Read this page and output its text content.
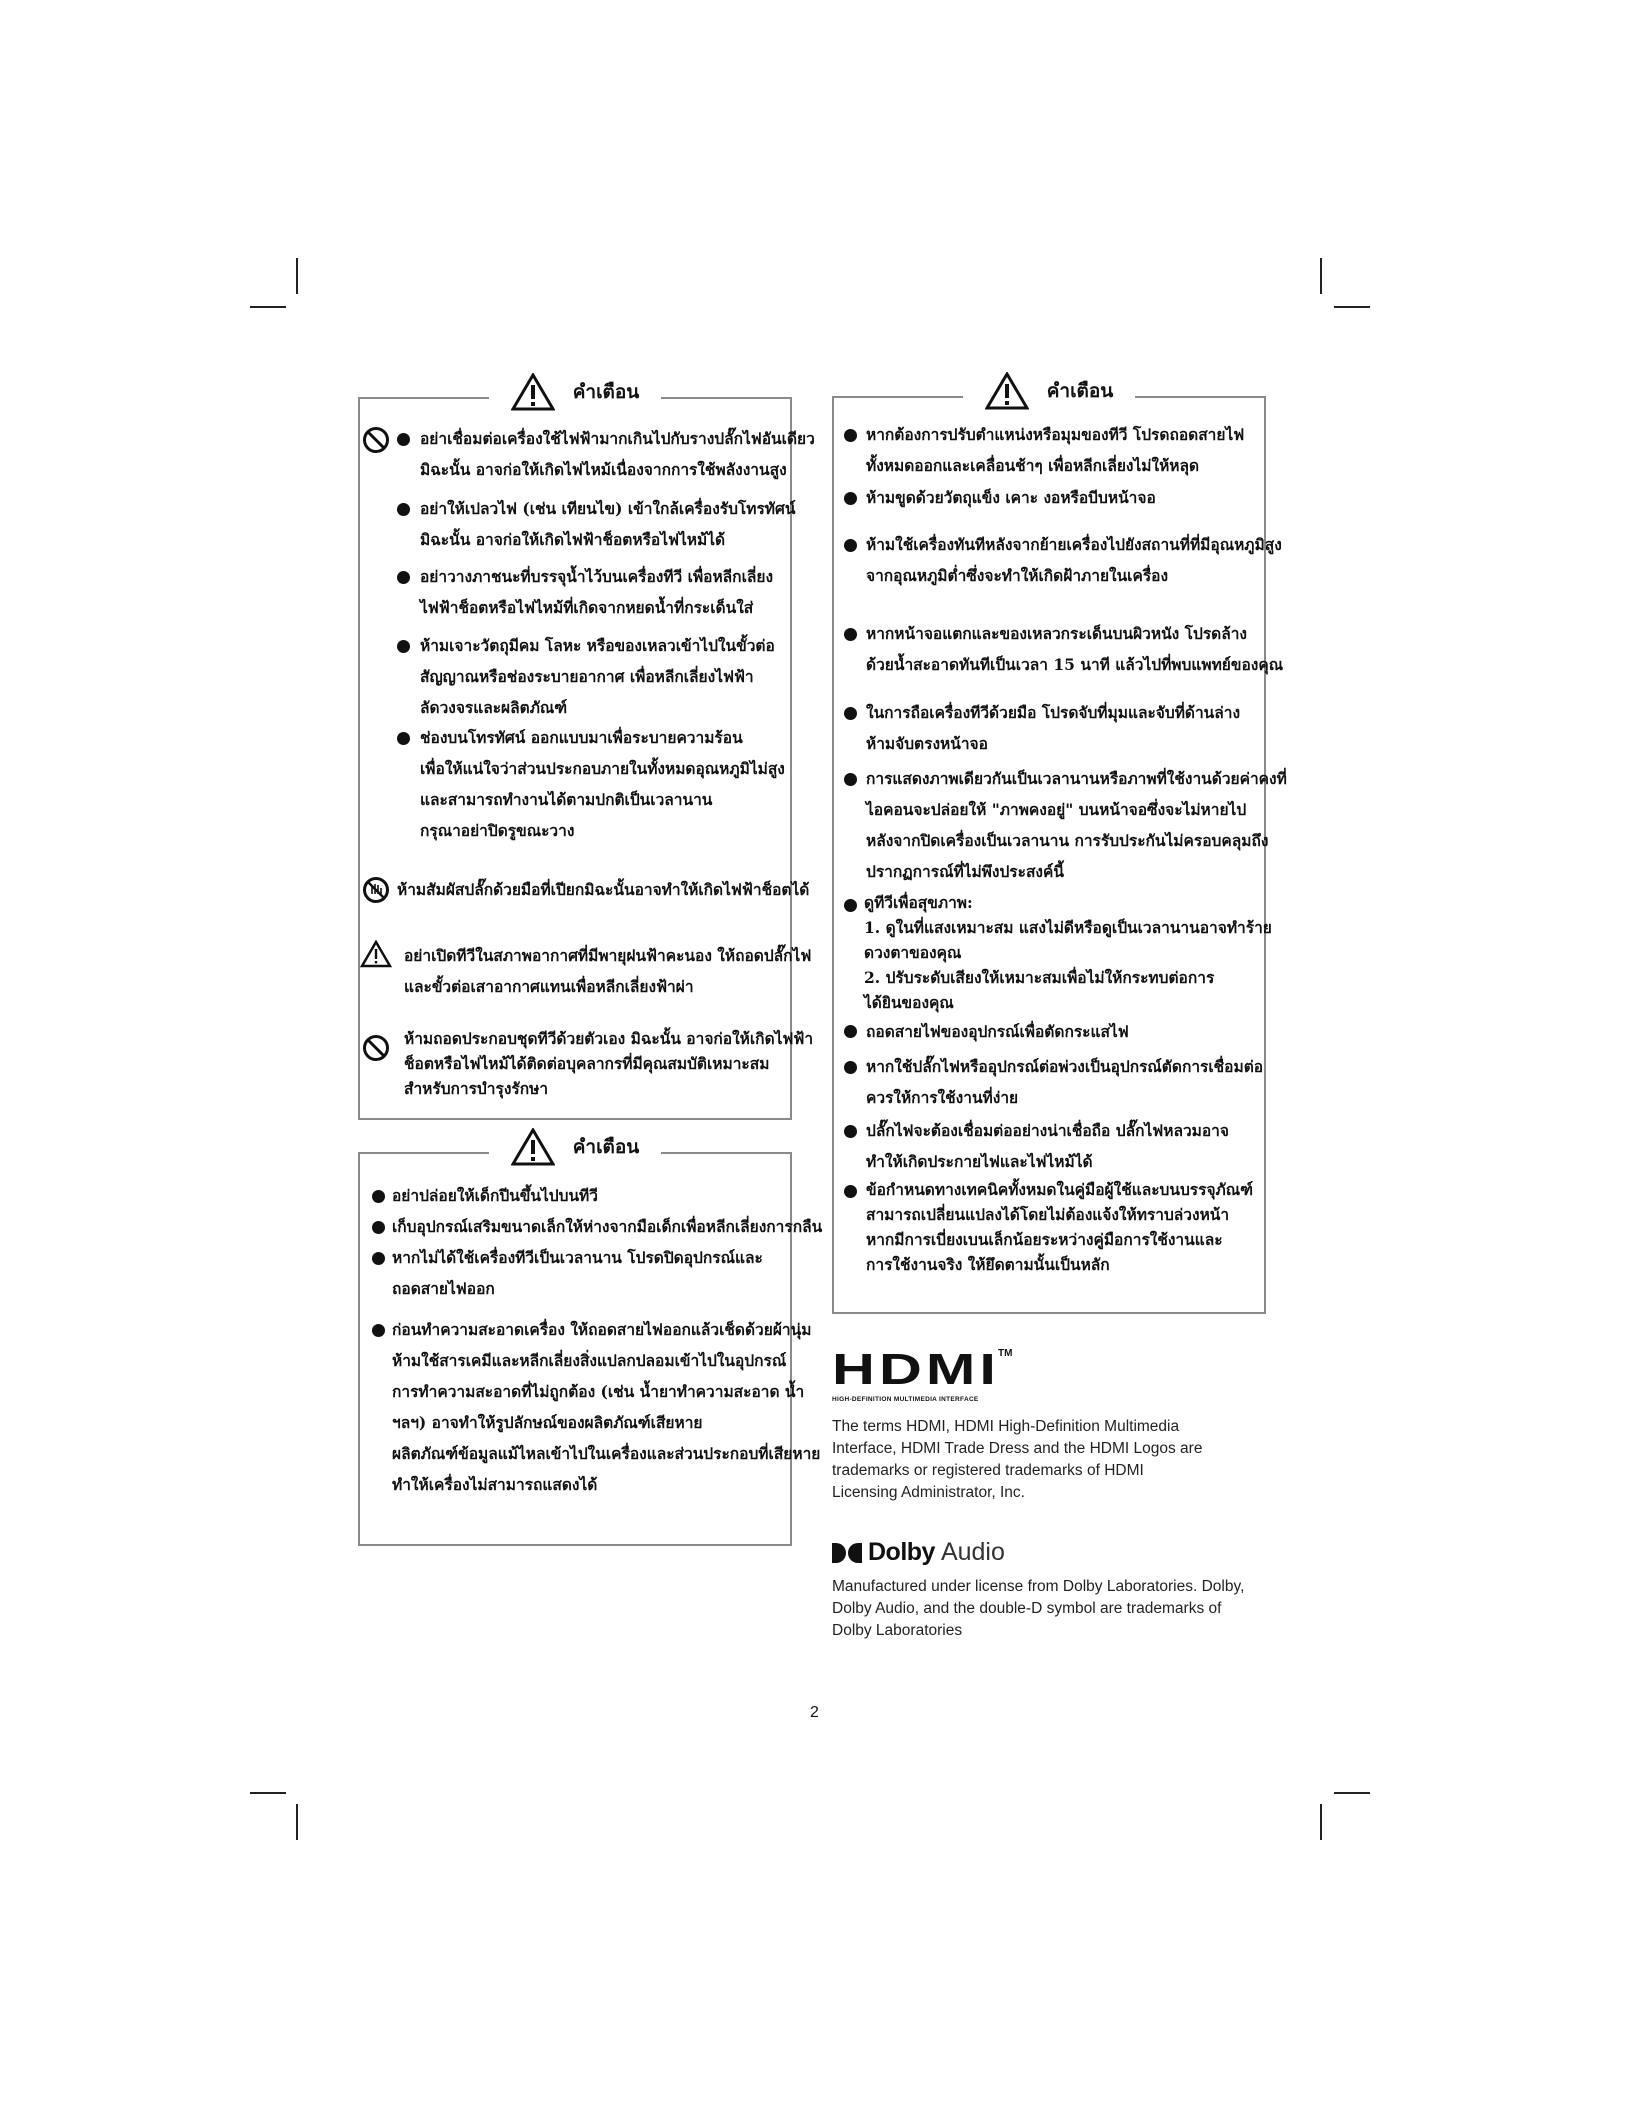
คำเตือน
อย่าเชื่อมต่อเครื่องใช้ไฟฟ้ามากเกินไปกับรางปลั๊กไฟอันเดียว
มิฉะนั้น อาจก่อให้เกิดไฟไหม้เนื่องจากการใช้พลังงานสูง
อย่าให้เปลวไฟ (เช่น เทียนไข) เข้าใกล้เครื่องรับโทรทัศน์
มิฉะนั้น อาจก่อให้เกิดไฟฟ้าช็อตหรือไฟไหม้ได้
อย่าวางภาชนะที่บรรจุน้ำไว้บนเครื่องทีวี เพื่อหลีกเลี่ยง
ไฟฟ้าช็อตหรือไฟไหม้ที่เกิดจากหยดน้ำที่กระเด็นใส่
ห้ามเจาะวัตถุมีคม โลหะ หรือของเหลวเข้าไปในขั้วต่อ
สัญญาณหรือช่องระบายอากาศ เพื่อหลีกเลี่ยงไฟฟ้า
ลัดวงจรและผลิตภัณฑ์
ช่องบนโทรทัศน์ ออกแบบมาเพื่อระบายความร้อน
เพื่อให้แน่ใจว่าส่วนประกอบภายในทั้งหมดอุณหภูมิไม่สูง
และสามารถทำงานได้ตามปกติเป็นเวลานาน
กรุณาอย่าปิดรูขณะวาง
ห้ามสัมผัสปลั๊กด้วยมือที่เปียกมิฉะนั้นอาจทำให้เกิดไฟฟ้าช็อตได้
อย่าเปิดทีวีในสภาพอากาศที่มีพายุฝนฟ้าคะนอง ให้ถอดปลั๊กไฟ
และขั้วต่อเสาอากาศแทนเพื่อหลีกเลี่ยงฟ้าผ่า
ห้ามถอดประกอบชุดทีวีด้วยตัวเอง มิฉะนั้น อาจก่อให้เกิดไฟฟ้า
ช็อตหรือไฟไหม้ได้ติดต่อบุคลากรที่มีคุณสมบัติเหมาะสม
สำหรับการบำรุงรักษา
คำเตือน
อย่าปล่อยให้เด็กปีนขึ้นไปบนทีวี
เก็บอุปกรณ์เสริมขนาดเล็กให้ห่างจากมือเด็กเพื่อหลีกเลี่ยงการกลืน
หากไม่ได้ใช้เครื่องทีวีเป็นเวลานาน โปรดปิดอุปกรณ์และ
ถอดสายไฟออก
ก่อนทำความสะอาดเครื่อง ให้ถอดสายไฟออกแล้วเช็ดด้วยผ้านุ่ม
ห้ามใช้สารเคมีและหลีกเลี่ยงสิ่งแปลกปลอมเข้าไปในอุปกรณ์
การทำความสะอาดที่ไม่ถูกต้อง (เช่น น้ำยาทำความสะอาด น้ำ
ฯลฯ) อาจทำให้รูปลักษณ์ของผลิตภัณฑ์เสียหาย
ผลิตภัณฑ์ข้อมูลแม้ไหลเข้าไปในเครื่องและส่วนประกอบที่เสียหาย
ทำให้เครื่องไม่สามารถแสดงได้
คำเตือน
หากต้องการปรับตำแหน่งหรือมุมของทีวี โปรดถอดสายไฟ
ทั้งหมดออกและเคลื่อนช้าๆ เพื่อหลีกเลี่ยงไม่ให้หลุด
ห้ามขูดด้วยวัตถุแข็ง เคาะ งอหรือบีบหน้าจอ
ห้ามใช้เครื่องทันทีหลังจากย้ายเครื่องไปยังสถานที่ที่มีอุณหภูมิสูง
จากอุณหภูมิต่ำซึ่งจะทำให้เกิดฝ้าภายในเครื่อง
หากหน้าจอแตกและของเหลวกระเด็นบนผิวหนัง โปรดล้าง
ด้วยน้ำสะอาดทันทีเป็นเวลา 15 นาที แล้วไปที่พบแพทย์ของคุณ
ในการถือเครื่องทีวีด้วยมือ โปรดจับที่มุมและจับที่ด้านล่าง
ห้ามจับตรงหน้าจอ
การแสดงภาพเดียวกันเป็นเวลานานหรือภาพที่ใช้งานด้วยค่าคงที่
ไอคอนจะปล่อยให้ "ภาพคงอยู่" บนหน้าจอซึ่งจะไม่หายไป
หลังจากปิดเครื่องเป็นเวลานาน การรับประกันไม่ครอบคลุมถึง
ปรากฏการณ์ที่ไม่พึงประสงค์นี้
ดูทีวีเพื่อสุขภาพ:
1. ดูในที่แสงเหมาะสม แสงไม่ดีหรือดูเป็นเวลานานอาจทำร้าย
ดวงตาของคุณ
2. ปรับระดับเสียงให้เหมาะสมเพื่อไม่ให้กระทบต่อการ
ได้ยินของคุณ
ถอดสายไฟของอุปกรณ์เพื่อตัดกระแสไฟ
หากใช้ปลั๊กไฟหรืออุปกรณ์ต่อพ่วงเป็นอุปกรณ์ตัดการเชื่อมต่อ
ควรให้การใช้งานที่ง่าย
ปลั๊กไฟจะต้องเชื่อมต่ออย่างน่าเชื่อถือ ปลั๊กไฟหลวมอาจ
ทำให้เกิดประกายไฟและไฟไหม้ได้
ข้อกำหนดทางเทคนิคทั้งหมดในคู่มือผู้ใช้และบนบรรจุภัณฑ์
สามารถเปลี่ยนแปลงได้โดยไม่ต้องแจ้งให้ทราบล่วงหน้า
หากมีการเบี่ยงเบนเล็กน้อยระหว่างคู่มือการใช้งานและ
การใช้งานจริง ให้ยึดตามนั้นเป็นหลัก
HDMI
TM
HIGH-DEFINITION MULTIMEDIA INTERFACE
The terms HDMI, HDMI High-Definition Multimedia
Interface, HDMI Trade Dress and the HDMI Logos are
trademarks or registered trademarks of HDMI
Licensing Administrator, Inc.
Dolby Audio
Manufactured under license from Dolby Laboratories. Dolby,
Dolby Audio, and the double-D symbol are trademarks of
Dolby Laboratories
2
